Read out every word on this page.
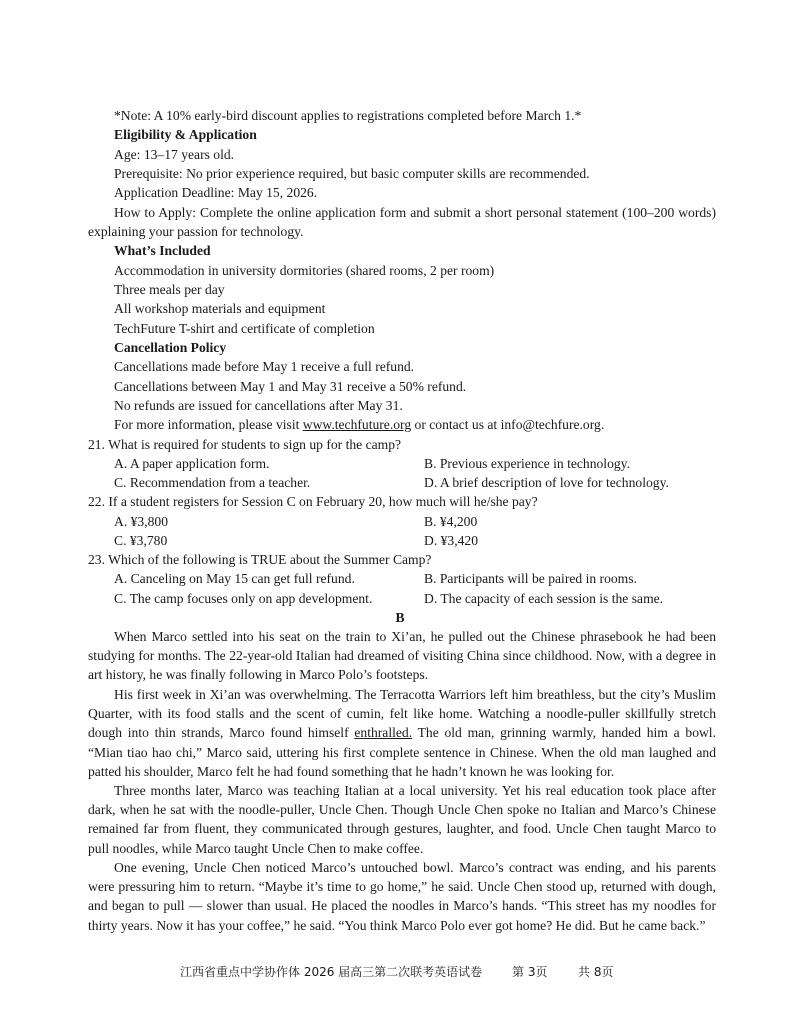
*Note: A 10% early-bird discount applies to registrations completed before March 1.*
Eligibility & Application
Age: 13–17 years old.
Prerequisite: No prior experience required, but basic computer skills are recommended.
Application Deadline: May 15, 2026.
How to Apply: Complete the online application form and submit a short personal statement (100–200 words) explaining your passion for technology.
What’s Included
Accommodation in university dormitories (shared rooms, 2 per room)
Three meals per day
All workshop materials and equipment
TechFuture T-shirt and certificate of completion
Cancellation Policy
Cancellations made before May 1 receive a full refund.
Cancellations between May 1 and May 31 receive a 50% refund.
No refunds are issued for cancellations after May 31.
For more information, please visit www.techfuture.org or contact us at info@techfure.org.
21. What is required for students to sign up for the camp?
A. A paper application form.	B. Previous experience in technology.
C. Recommendation from a teacher.	D. A brief description of love for technology.
22. If a student registers for Session C on February 20, how much will he/she pay?
A. ¥3,800	B. ¥4,200
C. ¥3,780	D. ¥3,420
23. Which of the following is TRUE about the Summer Camp?
A. Canceling on May 15 can get full refund.	B. Participants will be paired in rooms.
C. The camp focuses only on app development.	D. The capacity of each session is the same.
B
When Marco settled into his seat on the train to Xi’an, he pulled out the Chinese phrasebook he had been studying for months. The 22-year-old Italian had dreamed of visiting China since childhood. Now, with a degree in art history, he was finally following in Marco Polo’s footsteps.
His first week in Xi’an was overwhelming. The Terracotta Warriors left him breathless, but the city’s Muslim Quarter, with its food stalls and the scent of cumin, felt like home. Watching a noodle-puller skillfully stretch dough into thin strands, Marco found himself enthralled. The old man, grinning warmly, handed him a bowl. “Mian tiao hao chi,” Marco said, uttering his first complete sentence in Chinese. When the old man laughed and patted his shoulder, Marco felt he had found something that he hadn’t known he was looking for.
Three months later, Marco was teaching Italian at a local university. Yet his real education took place after dark, when he sat with the noodle-puller, Uncle Chen. Though Uncle Chen spoke no Italian and Marco’s Chinese remained far from fluent, they communicated through gestures, laughter, and food. Uncle Chen taught Marco to pull noodles, while Marco taught Uncle Chen to make coffee.
One evening, Uncle Chen noticed Marco’s untouched bowl. Marco’s contract was ending, and his parents were pressuring him to return. “Maybe it’s time to go home,” he said. Uncle Chen stood up, returned with dough, and began to pull — slower than usual. He placed the noodles in Marco’s hands. “This street has my noodles for thirty years. Now it has your coffee,” he said. “You think Marco Polo ever got home? He did. But he came back.”
江西省重点中学协作体 2026 届高三第二次联考英语试卷 第 3页	共 8页
